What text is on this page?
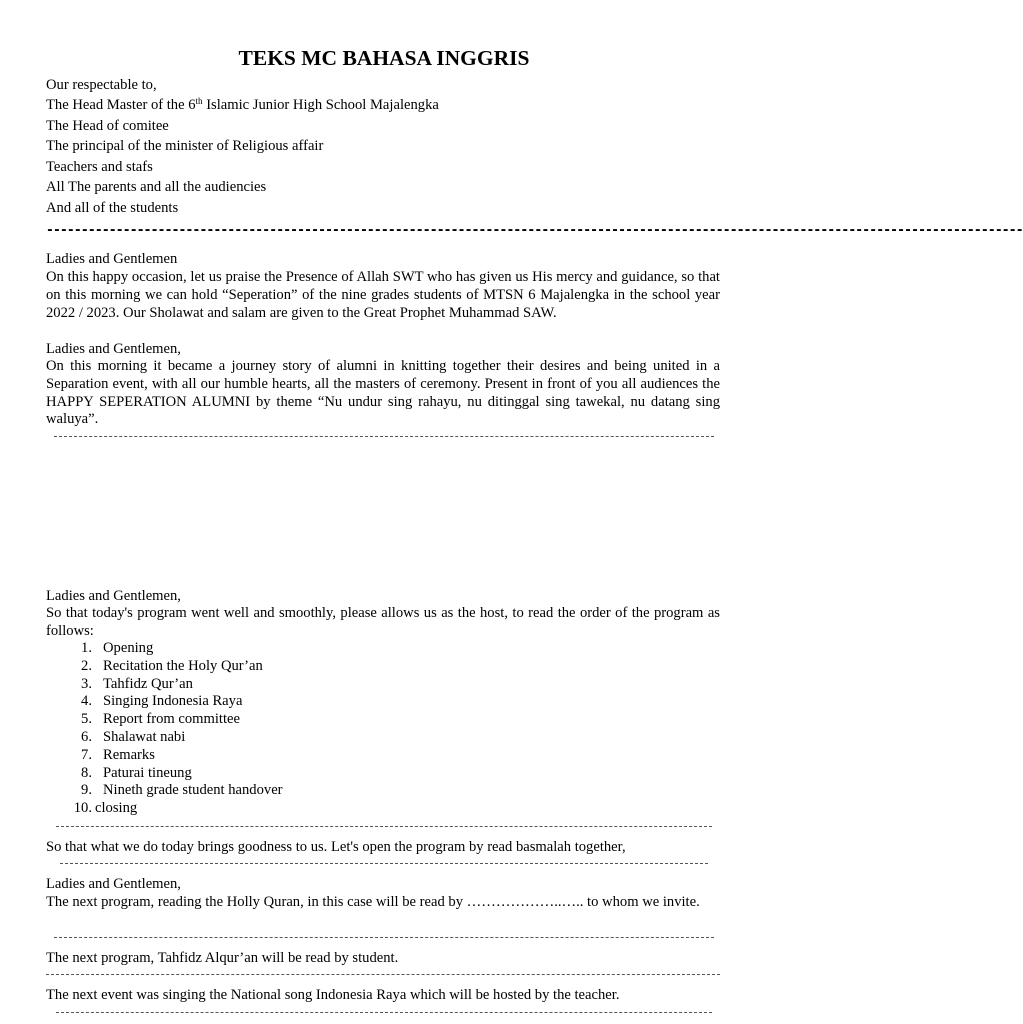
TEKS MC BAHASA INGGRIS
Our respectable to,
The Head Master of the 6th Islamic Junior High School Majalengka
The Head of comitee
The principal of the minister of Religious affair
Teachers and stafs
All The parents and all the audiencies
And all of the students
--------------------------------------------------------------------------------------------------------------------------------------------
Ladies and Gentlemen

On this happy occasion, let us praise the Presence of Allah SWT who has given us His mercy and guidance, so that on this morning we can hold “Seperation” of the nine grades students of MTSN 6 Majalengka in the school year 2022 / 2023. Our Sholawat and salam are given to the Great Prophet Muhammad SAW.

Ladies and Gentlemen,

On this morning it became a journey story of alumni in knitting together their desires and being united in a Separation event, with all our humble hearts, all the masters of ceremony. Present in front of you all audiences the HAPPY SEPERATION ALUMNI by theme “Nu undur sing rahayu, nu ditinggal sing tawekal, nu datang sing waluya”.

Ladies and Gentlemen,

So that today's program went well and smoothly, please allows us as the host, to read the order of the program as follows:

1. Opening
2. Recitation the Holy Qur’an
3. Tahfidz Qur’an
4. Singing Indonesia Raya
5. Report from committee
6. Shalawat nabi
7. Remarks
8. Paturai tineung
9. Nineth grade student handover
10. closing
So that what we do today brings goodness to us. Let's open the program by read basmalah together,
Ladies and Gentlemen,

The next program, reading the Holly Quran, in this case will be read by ………………..….. to whom we invite.

The next program, Tahfidz Alqur’an will be read by student.
The next event was singing the National song Indonesia Raya which will be hosted by the teacher.
